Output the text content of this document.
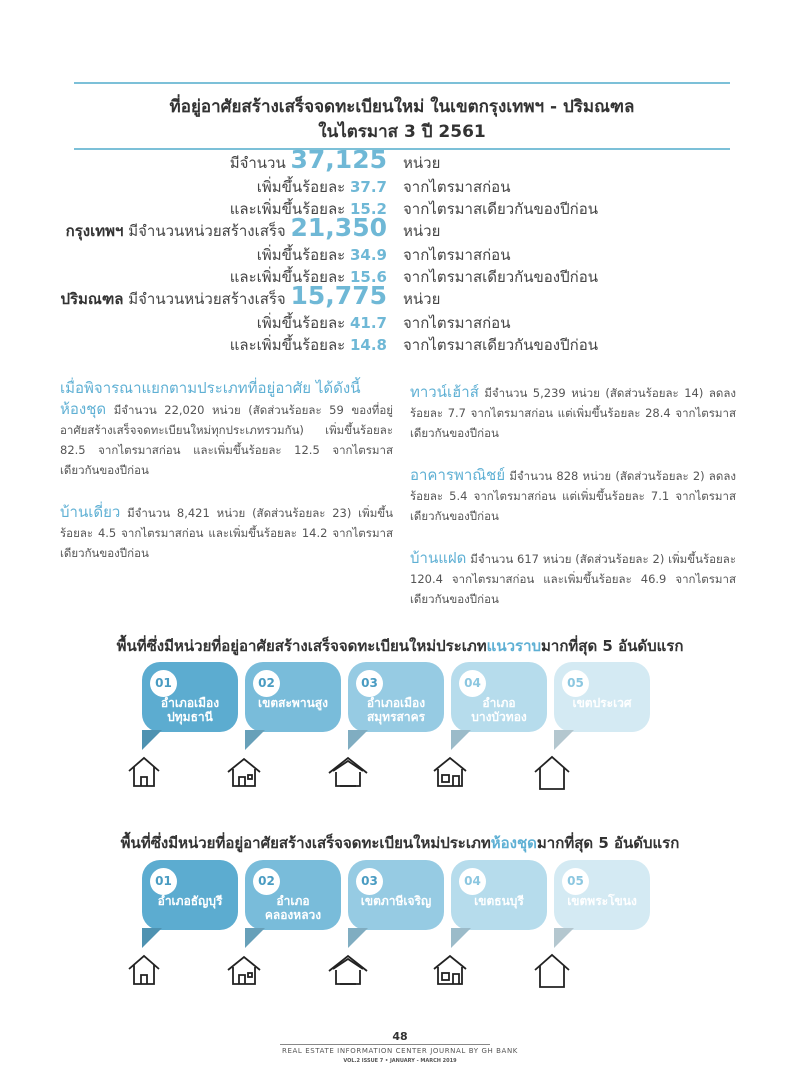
ที่อยู่อาศัยสร้างเสร็จจดทะเบียนใหม่ ในเขตกรุงเทพฯ - ปริมณฑล
ในไตรมาส 3 ปี 2561
มีจำนวน 37,125 หน่วย
เพิ่มขึ้นร้อยละ 37.7 จากไตรมาสก่อน
และเพิ่มขึ้นร้อยละ 15.2 จากไตรมาสเดียวกันของปีก่อน
กรุงเทพฯ มีจำนวนหน่วยสร้างเสร็จ 21,350 หน่วย
เพิ่มขึ้นร้อยละ 34.9 จากไตรมาสก่อน
และเพิ่มขึ้นร้อยละ 15.6 จากไตรมาสเดียวกันของปีก่อน
ปริมณฑล มีจำนวนหน่วยสร้างเสร็จ 15,775 หน่วย
เพิ่มขึ้นร้อยละ 41.7 จากไตรมาสก่อน
และเพิ่มขึ้นร้อยละ 14.8 จากไตรมาสเดียวกันของปีก่อน

เมื่อพิจารณาแยกตามประเภทที่อยู่อาศัย ได้ดังนี้

ห้องชุด มีจำนวน 22,020 หน่วย (สัดส่วนร้อยละ 59 ของที่อยู่อาศัยสร้างเสร็จจดทะเบียนใหม่ทุกประเภทรวมกัน) เพิ่มขึ้นร้อยละ 82.5 จากไตรมาสก่อน และเพิ่มขึ้นร้อยละ 12.5 จากไตรมาสเดียวกันของปีก่อน

บ้านเดี่ยว มีจำนวน 8,421 หน่วย (สัดส่วนร้อยละ 23) เพิ่มขึ้นร้อยละ 4.5 จากไตรมาสก่อน และเพิ่มขึ้นร้อยละ 14.2 จากไตรมาสเดียวกันของปีก่อน

ทาวน์เฮ้าส์ มีจำนวน 5,239 หน่วย (สัดส่วนร้อยละ 14) ลดลงร้อยละ 7.7 จากไตรมาสก่อน แต่เพิ่มขึ้นร้อยละ 28.4 จากไตรมาสเดียวกันของปีก่อน

อาคารพาณิชย์ มีจำนวน 828 หน่วย (สัดส่วนร้อยละ 2) ลดลงร้อยละ 5.4 จากไตรมาสก่อน แต่เพิ่มขึ้นร้อยละ 7.1 จากไตรมาสเดียวกันของปีก่อน

บ้านแฝด มีจำนวน 617 หน่วย (สัดส่วนร้อยละ 2) เพิ่มขึ้นร้อยละ 120.4 จากไตรมาสก่อน และเพิ่มขึ้นร้อยละ 46.9 จากไตรมาสเดียวกันของปีก่อน

พื้นที่ซึ่งมีหน่วยที่อยู่อาศัยสร้างเสร็จจดทะเบียนใหม่ประเภทแนวราบมากที่สุด 5 อันดับแรก
01
อำเภอเมือง ปทุมธานี
02
เขตสะพานสูง
03
อำเภอเมือง สมุทรสาคร
04
อำเภอ บางบัวทอง
05
เขตประเวศ
พื้นที่ซึ่งมีหน่วยที่อยู่อาศัยสร้างเสร็จจดทะเบียนใหม่ประเภทห้องชุดมากที่สุด 5 อันดับแรก
01
อำเภอธัญบุรี
02
อำเภอ คลองหลวง
03
เขตภาษีเจริญ
04
เขตธนบุรี
05
เขตพระโขนง
48
REAL ESTATE INFORMATION CENTER JOURNAL BY GH BANK
VOL.2 ISSUE 7 • JANUARY - MARCH 2019
